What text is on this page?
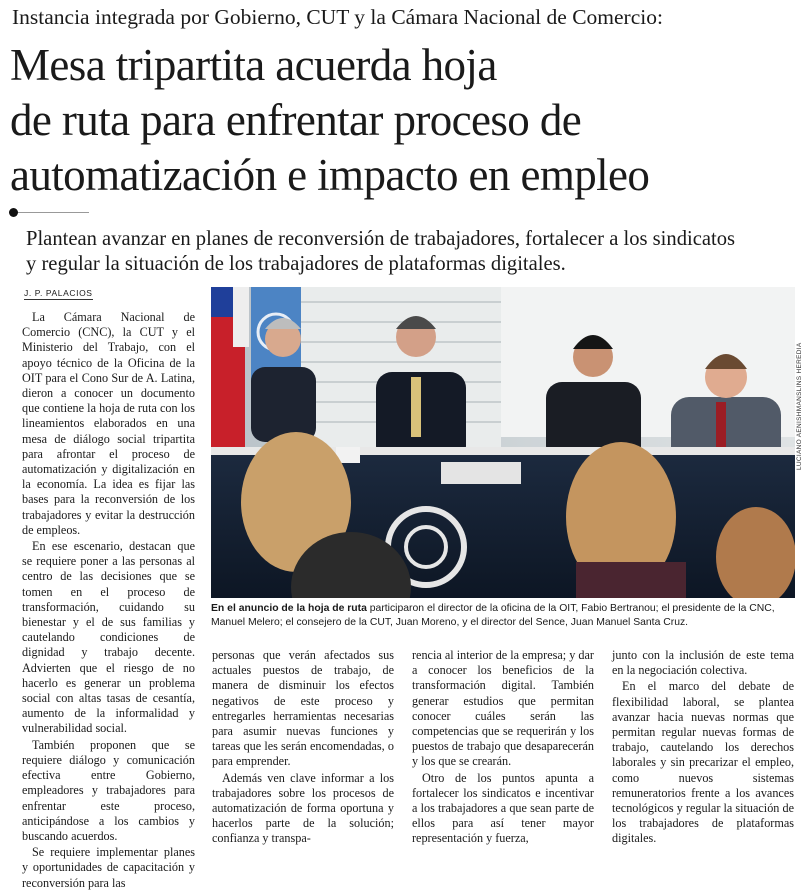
Instancia integrada por Gobierno, CUT y la Cámara Nacional de Comercio:
Mesa tripartita acuerda hoja
de ruta para enfrentar proceso de
automatización e impacto en empleo
Plantean avanzar en planes de reconversión de trabajadores, fortalecer a los sindicatos
y regular la situación de los trabajadores de plataformas digitales.
J. P. PALACIOS

La Cámara Nacional de Comercio (CNC), la CUT y el Ministerio del Trabajo, con el apoyo técnico de la Oficina de la OIT para el Cono Sur de A. Latina, dieron a conocer un documento que contiene la hoja de ruta con los lineamientos elaborados en una mesa de diálogo social tripartita para afrontar el proceso de automatización y digitalización en la economía. La idea es fijar las bases para la reconversión de los trabajadores y evitar la destrucción de empleos.

En ese escenario, destacan que se requiere poner a las personas al centro de las decisiones que se tomen en el proceso de transformación, cuidando su bienestar y el de sus familias y cautelando condiciones de dignidad y trabajo decente. Advierten que el riesgo de no hacerlo es generar un problema social con altas tasas de cesantía, aumento de la informalidad y vulnerabilidad social.

También proponen que se requiere diálogo y comunicación efectiva entre Gobierno, empleadores y trabajadores para enfrentar este proceso, anticipándose a los cambios y buscando acuerdos.

Se requiere implementar planes y oportunidades de capacitación y reconversión para las

LUCIANO AENISHMANSLINS HEREDIA
En el anuncio de la hoja de ruta participaron el director de la oficina de la OIT, Fabio Bertranou; el presidente de la CNC, Manuel Melero; el consejero de la CUT, Juan Moreno, y el director del Sence, Juan Manuel Santa Cruz.

personas que verán afectados sus actuales puestos de trabajo, de manera de disminuir los efectos negativos de este proceso y entregarles herramientas necesarias para asumir nuevas funciones y tareas que les serán encomendadas, o para emprender.

Además ven clave informar a los trabajadores sobre los procesos de automatización de forma oportuna y hacerlos parte de la solución; confianza y transpa-

rencia al interior de la empresa; y dar a conocer los beneficios de la transformación digital. También generar estudios que permitan conocer cuáles serán las competencias que se requerirán y los puestos de trabajo que desaparecerán y los que se crearán.

Otro de los puntos apunta a fortalecer los sindicatos e incentivar a los trabajadores a que sean parte de ellos para así tener mayor representación y fuerza,

junto con la inclusión de este tema en la negociación colectiva.

En el marco del debate de flexibilidad laboral, se plantea avanzar hacia nuevas normas que permitan regular nuevas formas de trabajo, cautelando los derechos laborales y sin precarizar el empleo, como nuevos sistemas remuneratorios frente a los avances tecnológicos y regular la situación de los trabajadores de plataformas digitales.
